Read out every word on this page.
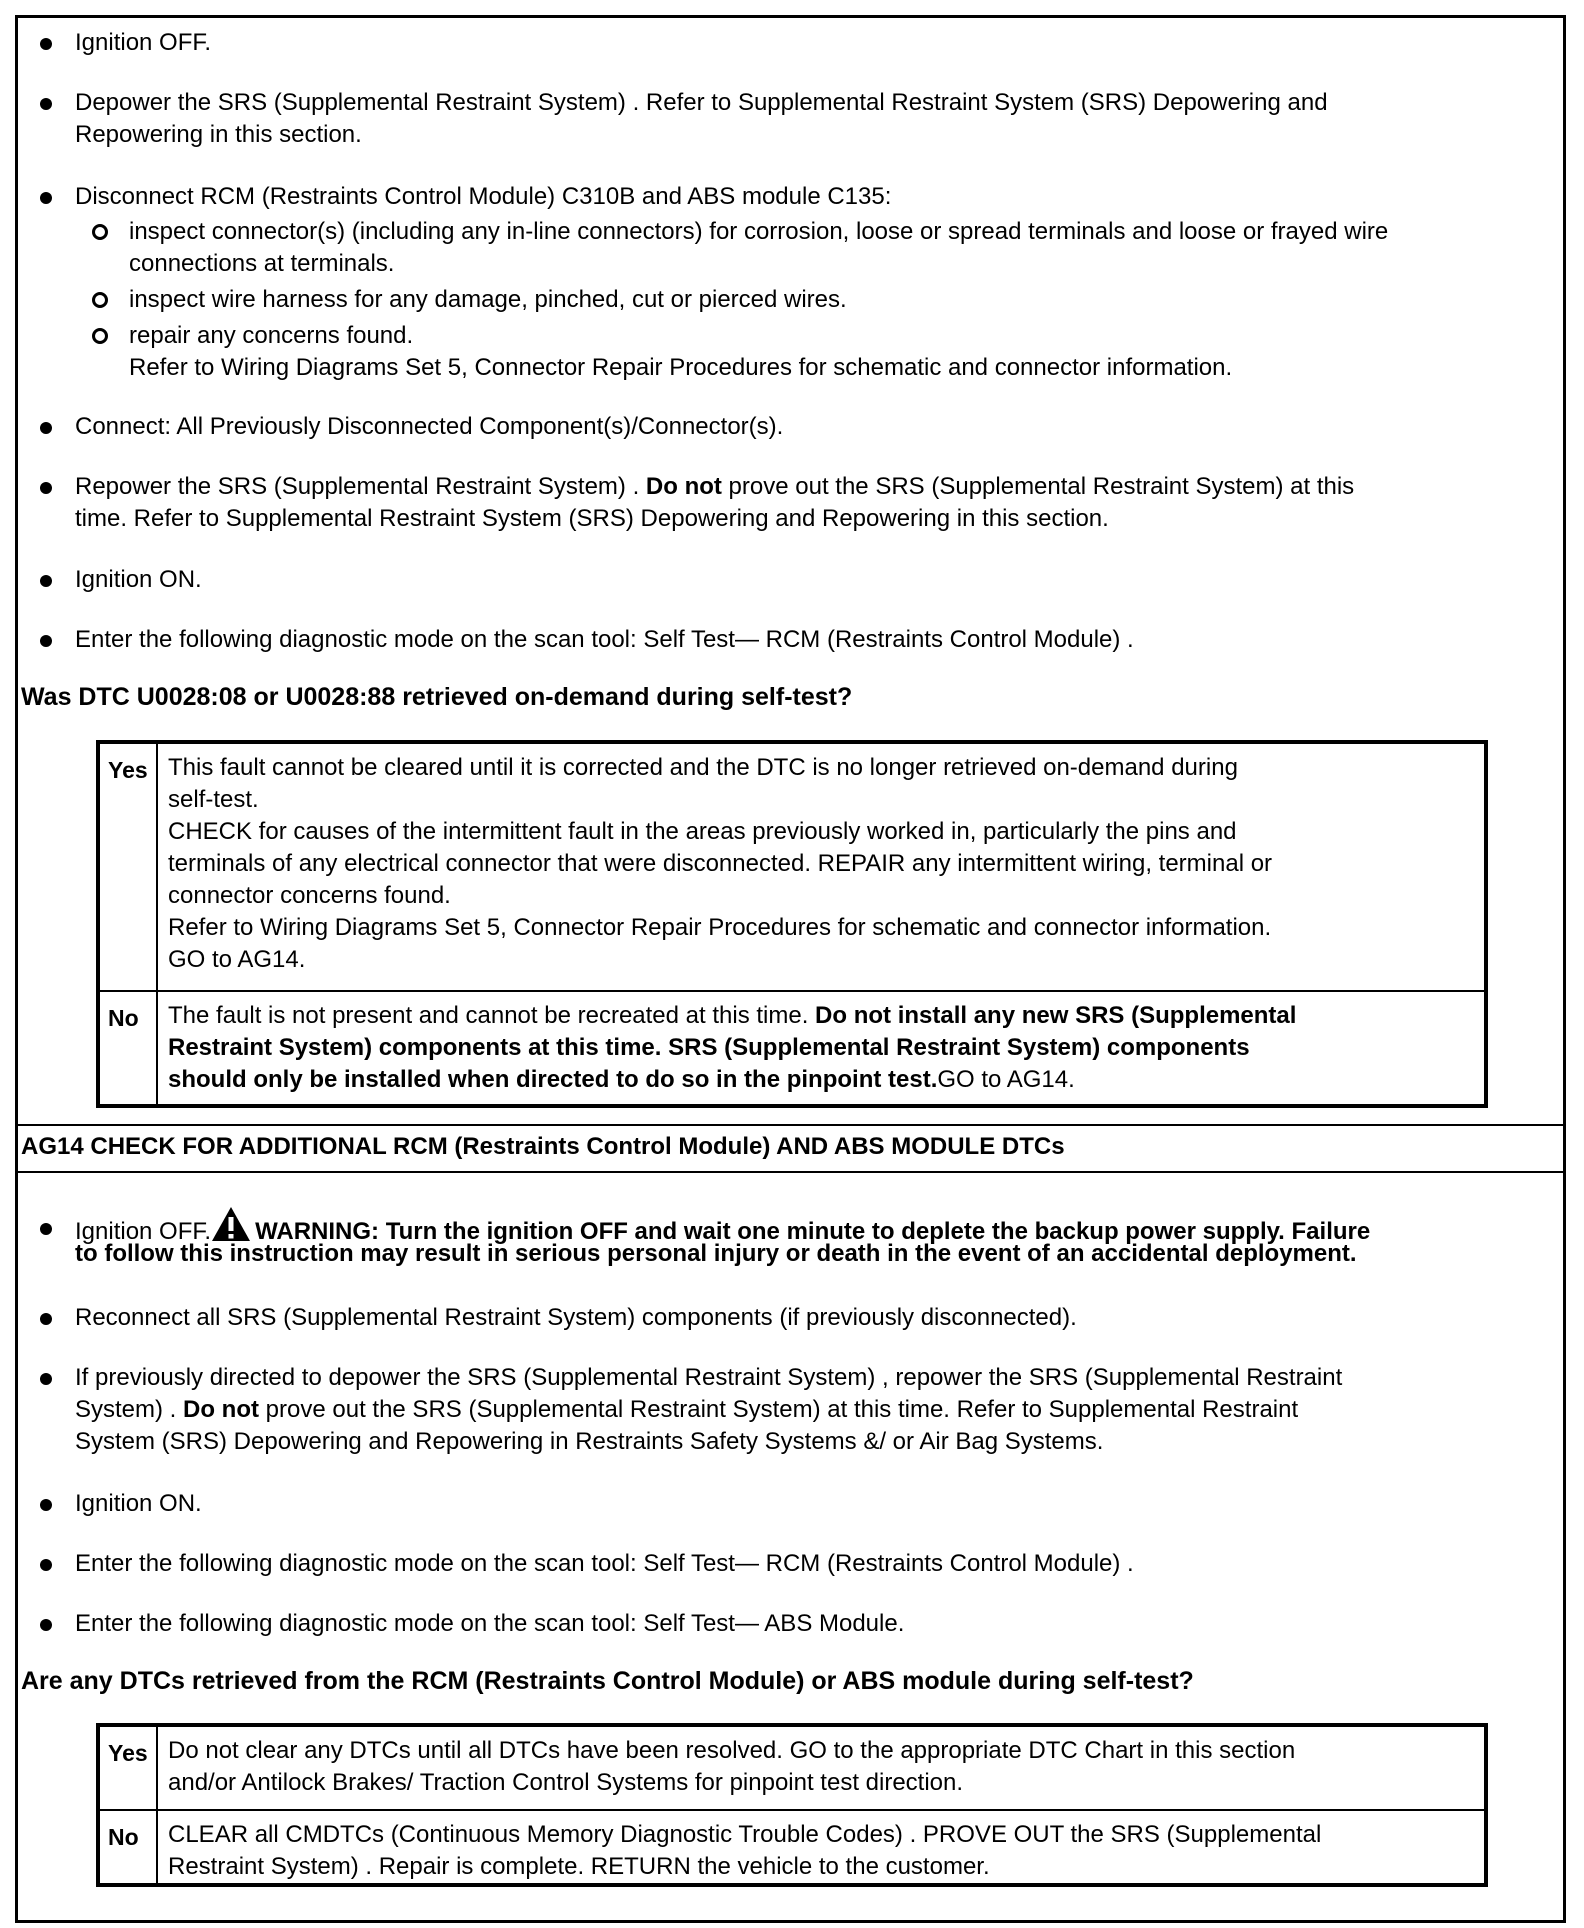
Ignition OFF.

Depower the SRS (Supplemental Restraint System) . Refer to Supplemental Restraint System (SRS) Depowering and

Repowering in this section.

Disconnect RCM (Restraints Control Module) C310B and ABS module C135:

inspect connector(s) (including any in-line connectors) for corrosion, loose or spread terminals and loose or frayed wire

connections at terminals.

inspect wire harness for any damage, pinched, cut or pierced wires.

repair any concerns found.

Refer to Wiring Diagrams Set 5, Connector Repair Procedures for schematic and connector information.

Connect: All Previously Disconnected Component(s)/Connector(s).

Repower the SRS (Supplemental Restraint System) . Do not prove out the SRS (Supplemental Restraint System) at this

time. Refer to Supplemental Restraint System (SRS) Depowering and Repowering in this section.

Ignition ON.

Enter the following diagnostic mode on the scan tool: Self Test— RCM (Restraints Control Module) .

Was DTC U0028:08 or U0028:88 retrieved on-demand during self-test?

Yes This fault cannot be cleared until it is corrected and the DTC is no longer retrieved on-demand during
self-test.
CHECK for causes of the intermittent fault in the areas previously worked in, particularly the pins and
terminals of any electrical connector that were disconnected. REPAIR any intermittent wiring, terminal or
connector concerns found.
Refer to Wiring Diagrams Set 5, Connector Repair Procedures for schematic and connector information.
GO to AG14.
No The fault is not present and cannot be recreated at this time. Do not install any new SRS (Supplemental
Restraint System) components at this time. SRS (Supplemental Restraint System) components
should only be installed when directed to do so in the pinpoint test.GO to AG14.

AG14 CHECK FOR ADDITIONAL RCM (Restraints Control Module) AND ABS MODULE DTCs

Ignition OFF. WARNING: Turn the ignition OFF and wait one minute to deplete the backup power supply. Failure

to follow this instruction may result in serious personal injury or death in the event of an accidental deployment.

Reconnect all SRS (Supplemental Restraint System) components (if previously disconnected).

If previously directed to depower the SRS (Supplemental Restraint System) , repower the SRS (Supplemental Restraint

System) . Do not prove out the SRS (Supplemental Restraint System) at this time. Refer to Supplemental Restraint

System (SRS) Depowering and Repowering in Restraints Safety Systems &/ or Air Bag Systems.

Ignition ON.

Enter the following diagnostic mode on the scan tool: Self Test— RCM (Restraints Control Module) .

Enter the following diagnostic mode on the scan tool: Self Test— ABS Module.

Are any DTCs retrieved from the RCM (Restraints Control Module) or ABS module during self-test?

Yes Do not clear any DTCs until all DTCs have been resolved. GO to the appropriate DTC Chart in this section
and/or Antilock Brakes/ Traction Control Systems for pinpoint test direction.
No CLEAR all CMDTCs (Continuous Memory Diagnostic Trouble Codes) . PROVE OUT the SRS (Supplemental
Restraint System) . Repair is complete. RETURN the vehicle to the customer.
